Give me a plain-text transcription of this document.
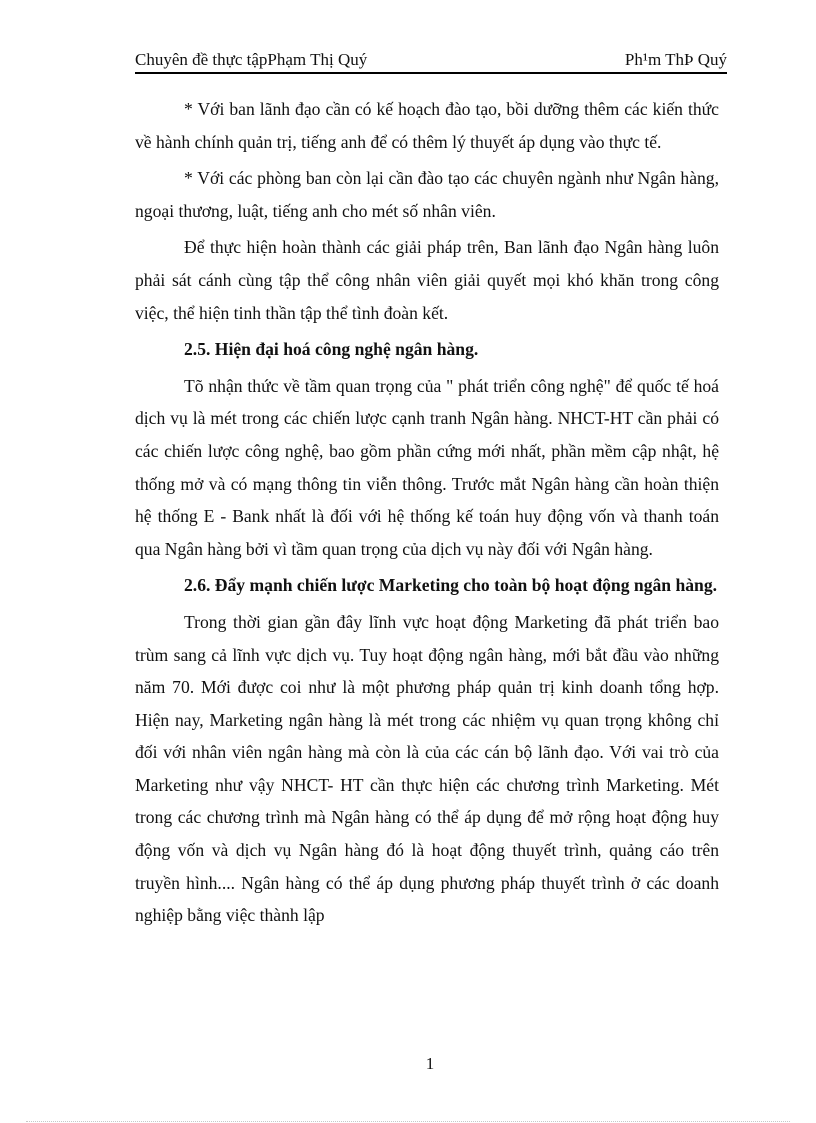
Chuyên đề thực tậpPhạm Thị Quý	Ph¹m ThÞ Quý

* Với ban lãnh đạo cần có kế hoạch đào tạo, bồi dưỡng thêm các kiến thức về hành chính quản trị, tiếng anh để có thêm lý thuyết áp dụng vào thực tế.

* Với các phòng ban còn lại cần đào tạo các chuyên ngành như Ngân hàng, ngoại thương, luật, tiếng anh cho mét số nhân viên.

Để thực hiện hoàn thành các giải pháp trên, Ban lãnh đạo Ngân hàng luôn phải sát cánh cùng tập thể công nhân viên giải quyết mọi khó khăn trong công việc, thể hiện tinh thần tập thể tình đoàn kết.

2.5. Hiện đại hoá công nghệ ngân hàng.

Tõ nhận thức về tầm quan trọng của " phát triển công nghệ" để quốc tế hoá dịch vụ là mét trong các chiến lược cạnh tranh Ngân hàng. NHCT-HT cần phải có các chiến lược công nghệ, bao gồm phần cứng mới nhất, phần mềm cập nhật, hệ thống mở và có mạng thông tin viễn thông. Trước mắt Ngân hàng cần hoàn thiện hệ thống E - Bank nhất là đối với hệ thống kế toán huy động vốn và thanh toán qua Ngân hàng bởi vì tầm quan trọng của dịch vụ này đối với Ngân hàng.

2.6. Đẩy mạnh chiến lược Marketing cho toàn bộ hoạt động ngân hàng.

Trong thời gian gần đây lĩnh vực hoạt động Marketing đã phát triển bao trùm sang cả lĩnh vực dịch vụ. Tuy hoạt động ngân hàng, mới bắt đầu vào những năm 70. Mới được coi như là một phương pháp quản trị kinh doanh tổng hợp. Hiện nay, Marketing ngân hàng là mét trong các nhiệm vụ quan trọng không chỉ đối với nhân viên ngân hàng mà còn là của các cán bộ lãnh đạo. Với vai trò của Marketing như vậy NHCT- HT cần thực hiện các chương trình Marketing. Mét trong các chương trình mà Ngân hàng có thể áp dụng để mở rộng hoạt động huy động vốn và dịch vụ Ngân hàng đó là hoạt động thuyết trình, quảng cáo trên truyền hình.... Ngân hàng có thể áp dụng phương pháp thuyết trình ở các doanh nghiệp bằng việc thành lập

1
